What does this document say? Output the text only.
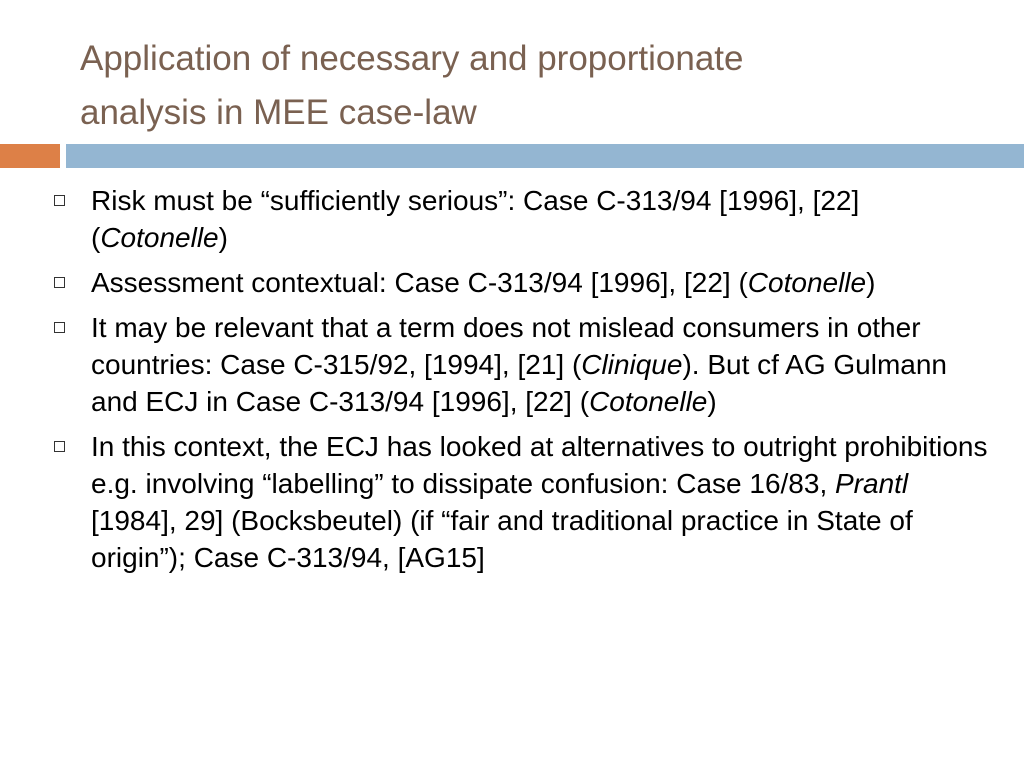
Application of necessary and proportionate
analysis in MEE case-law
Risk must be “sufficiently serious”: Case C-313/94 [1996], [22] (Cotonelle)
Assessment contextual: Case C-313/94 [1996], [22] (Cotonelle)
It may be relevant that a term does not mislead consumers in other countries: Case C-315/92, [1994], [21] (Clinique). But cf AG Gulmann and ECJ in Case C-313/94 [1996], [22] (Cotonelle)
In this context, the ECJ has looked at alternatives to outright prohibitions e.g. involving “labelling” to dissipate confusion: Case 16/83, Prantl [1984], 29] (Bocksbeutel) (if “fair and traditional practice in State of origin”); Case C-313/94, [AG15]
